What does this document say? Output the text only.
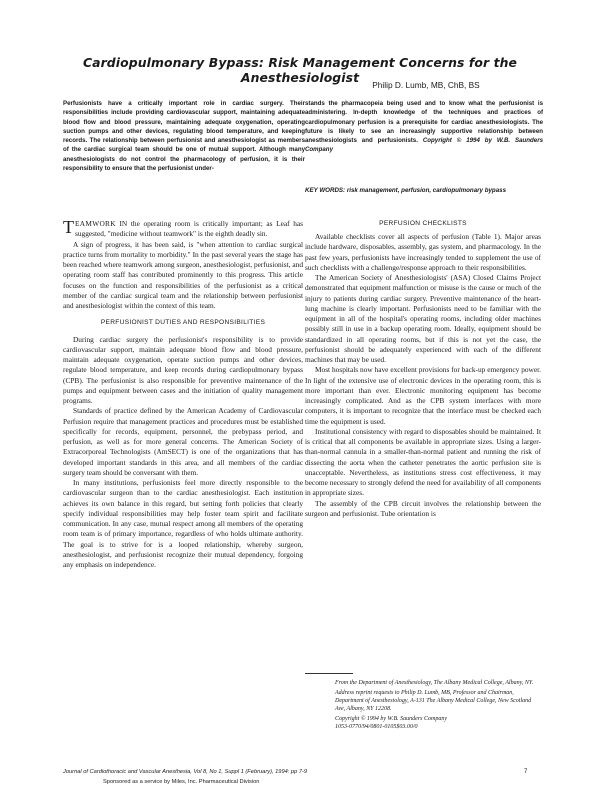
Cardiopulmonary Bypass: Risk Management Concerns for the Anesthesiologist	Philip D. Lumb, MB, ChB, BS
Perfusionists have a critically important role in cardiac surgery. Their responsibilities include providing cardiovascular support, maintaining adequate blood flow and blood pressure, maintaining adequate oxygenation, operating suction pumps and other devices, regulating blood temperature, and keeping records. The relationship between perfusionist and anesthesiologist as members of the cardiac surgical team should be one of mutual support. Although many anesthesiologists do not control the pharmacology of perfusion, it is their responsibility to ensure that the perfusionist under-
stands the pharmacopeia being used and to know what the perfusionist is administering. In-depth knowledge of the techniques and practices of cardiopulmonary perfusion is a prerequisite for cardiac anesthesiologists. The future is likely to see an increasingly supportive relationship between anesthesiologists and perfusionists. Copyright © 1994 by W.B. Saunders Company
KEY WORDS: risk management, perfusion, cardiopulmonary bypass

TEAMWORK IN the operating room is critically important; as Leaf has suggested, "medicine without teamwork" is the eighth deadly sin.

A sign of progress, it has been said, is "when attention to cardiac surgical practice turns from mortality to morbidity." In the past several years the stage has been reached where teamwork among surgeon, anesthesiologist, perfusionist, and operating room staff has contributed prominently to this progress. This article focuses on the function and responsibilities of the perfusionist as a critical member of the cardiac surgical team and the relationship between perfusionist and anesthesiologist within the context of this team.

PERFUSIONIST DUTIES AND RESPONSIBILITIES

During cardiac surgery the perfusionist's responsibility is to provide cardiovascular support, maintain adequate blood flow and blood pressure, maintain adequate oxygenation, operate suction pumps and other devices, regulate blood temperature, and keep records during cardiopulmonary bypass (CPB). The perfusionist is also responsible for preventive maintenance of the pumps and equipment between cases and the initiation of quality management programs.

Standards of practice defined by the American Academy of Cardiovascular Perfusion require that management practices and procedures must be established specifically for records, equipment, personnel, the prebypass period, and perfusion, as well as for more general concerns. The American Society of Extracorporeal Technologists (AmSECT) is one of the organizations that has developed important standards in this area, and all members of the cardiac surgery team should be conversant with them.

In many institutions, perfusionists feel more directly responsible to the cardiovascular surgeon than to the cardiac anesthesiologist. Each institution achieves its own balance in this regard, but setting forth policies that clearly specify individual responsibilities may help foster team spirit and facilitate communication. In any case, mutual respect among all members of the operating room team is of primary importance, regardless of who holds ultimate authority. The goal is to strive for is a looped relationship, whereby surgeon, anesthesiologist, and perfusionist recognize their mutual dependency, forgoing any emphasis on independence.

PERFUSION CHECKLISTS

Available checklists cover all aspects of perfusion (Table 1). Major areas include hardware, disposables, assembly, gas system, and pharmacology. In the past few years, perfusionists have increasingly tended to supplement the use of such checklists with a challenge/response approach to their responsibilities.

The American Society of Anesthesiologists' (ASA) Closed Claims Project demonstrated that equipment malfunction or misuse is the cause or much of the injury to patients during cardiac surgery. Preventive maintenance of the heart-lung machine is clearly important. Perfusionists need to be familiar with the equipment in all of the hospital's operating rooms, including older machines possibly still in use in a backup operating room. Ideally, equipment should be standardized in all operating rooms, but if this is not yet the case, the perfusionist should be adequately experienced with each of the different machines that may be used.

Most hospitals now have excellent provisions for back-up emergency power. In light of the extensive use of electronic devices in the operating room, this is more important than ever. Electronic monitoring equipment has become increasingly complicated. And as the CPB system interfaces with more computers, it is important to recognize that the interface must be checked each time the equipment is used.

Institutional consistency with regard to disposables should be maintained. It is critical that all components be available in appropriate sizes. Using a larger-than-normal cannula in a smaller-than-normal patient and running the risk of dissecting the aorta when the catheter penetrates the aortic perfusion site is unacceptable. Nevertheless, as institutions stress cost effectiveness, it may become necessary to strongly defend the need for availability of all components in appropriate sizes.

The assembly of the CPB circuit involves the relationship between the surgeon and perfusionist. Tube orientation is

From the Department of Anesthesiology, The Albany Medical College, Albany, NY.

Address reprint requests to Philip D. Lumb, MB, Professor and Chairman, Department of Anesthesiology, A-131 The Albany Medical College, New Scotland Ave, Albany, NY 12208.

Copyright © 1994 by W.B. Saunders Company

1053-0770/94/0801-0105$03.00/0

Journal of Cardiothoracic and Vascular Anesthesia, Vol 8, No 1, Suppl 1 (February), 1994: pp 7-9
Sponsored as a service by Miles, Inc. Pharmaceutical Division
7
